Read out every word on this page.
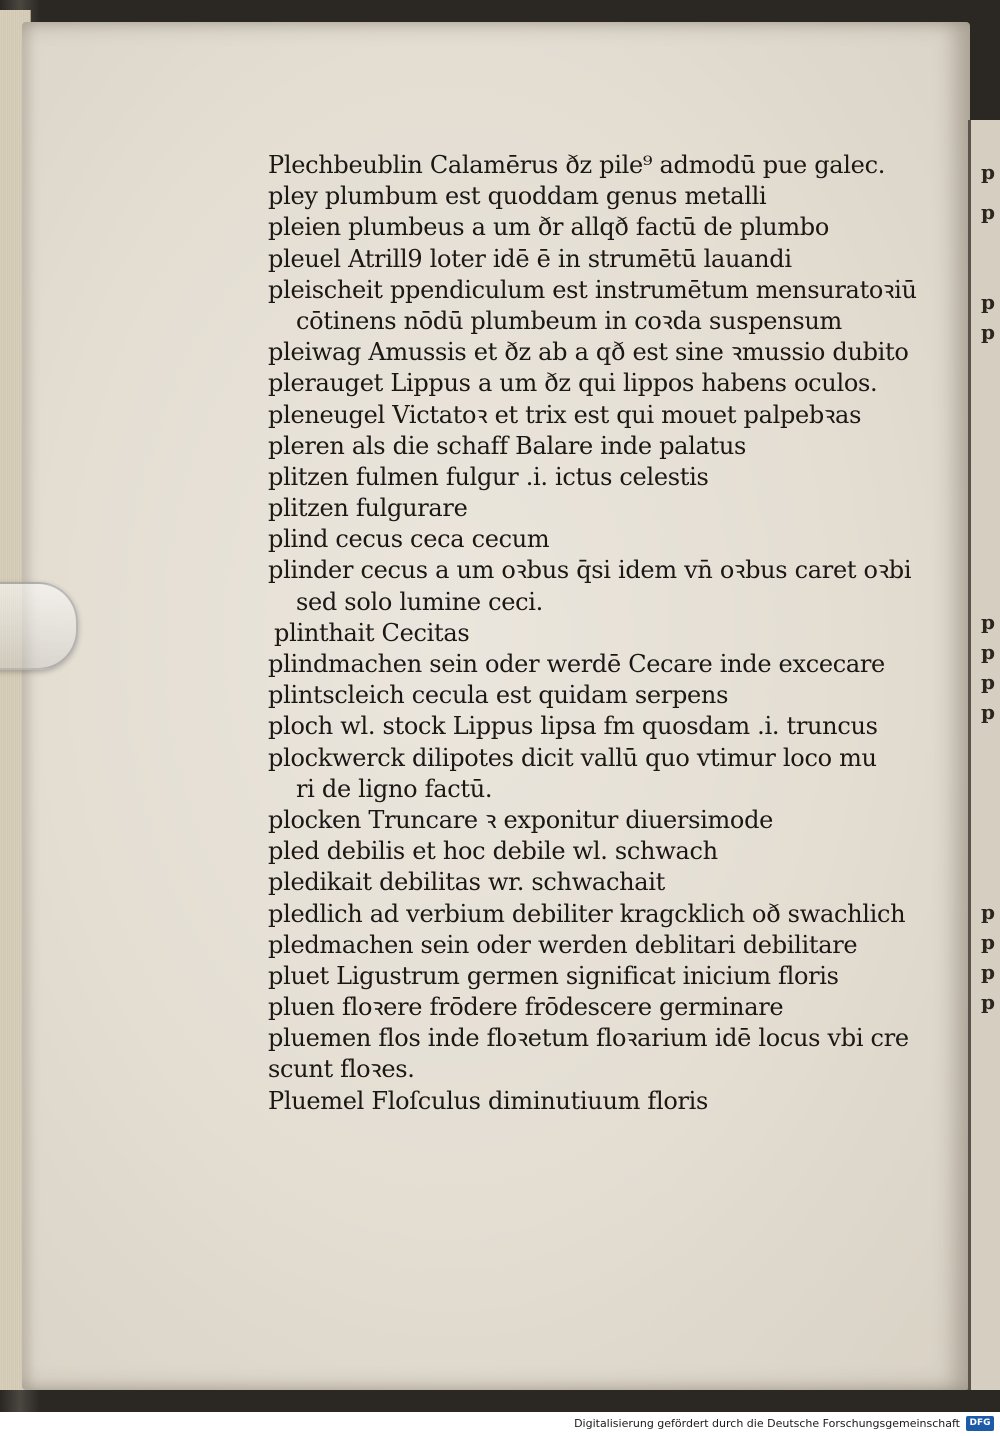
p
p
p
p
p
p
p
p
p
p
p
p
Plechbeublin Calamērus ðz pile⁹ admodū pue galec.
pley plumbum est quoddam genus metalli
pleien plumbeus a um ðr allqð factū de plumbo
pleuel Atrill9 loter idē ē in strumētū lauandi
pleischeit ppendiculum est instrumētum mensuratoꝛiū
cōtinens nōdū plumbeum in coꝛda suspensum
pleiwag Amussis et ðz ab a qð est sine ꝛmussio dubito
plerauget Lippus a um ðz qui lippos habens oculos.
pleneugel Victatoꝛ et trix est qui mouet palpebꝛas
pleren als die schaff Balare inde palatus
plitzen fulmen fulgur .i. ictus celestis
plitzen fulgurare
plind cecus ceca cecum
plinder cecus a um oꝛbus q̄si idem vn̄ oꝛbus caret oꝛbi
sed solo lumine ceci.
plinthait Cecitas
plindmachen sein oder werdē Cecare inde excecare
plintscleich cecula est quidam serpens
ploch wl. stock Lippus lipsa fm quosdam .i. truncus
plockwerck dilipotes dicit vallū quo vtimur loco mu
ri de ligno factū.
plocken Truncare ꝛ exponitur diuersimode
pled debilis et hoc debile wl. schwach
pledikait debilitas wr. schwachait
pledlich ad verbium debiliter kragcklich oð swachlich
pledmachen sein oder werden deblitari debilitare
pluet Ligustrum germen significat inicium floris
pluen floꝛere frōdere frōdescere germinare
pluemen flos inde floꝛetum floꝛarium idē locus vbi cre
scunt floꝛes.
Pluemel Floſculus diminutiuum floris
Digitalisierung gefördert durch die Deutsche Forschungsgemeinschaft	DFG
